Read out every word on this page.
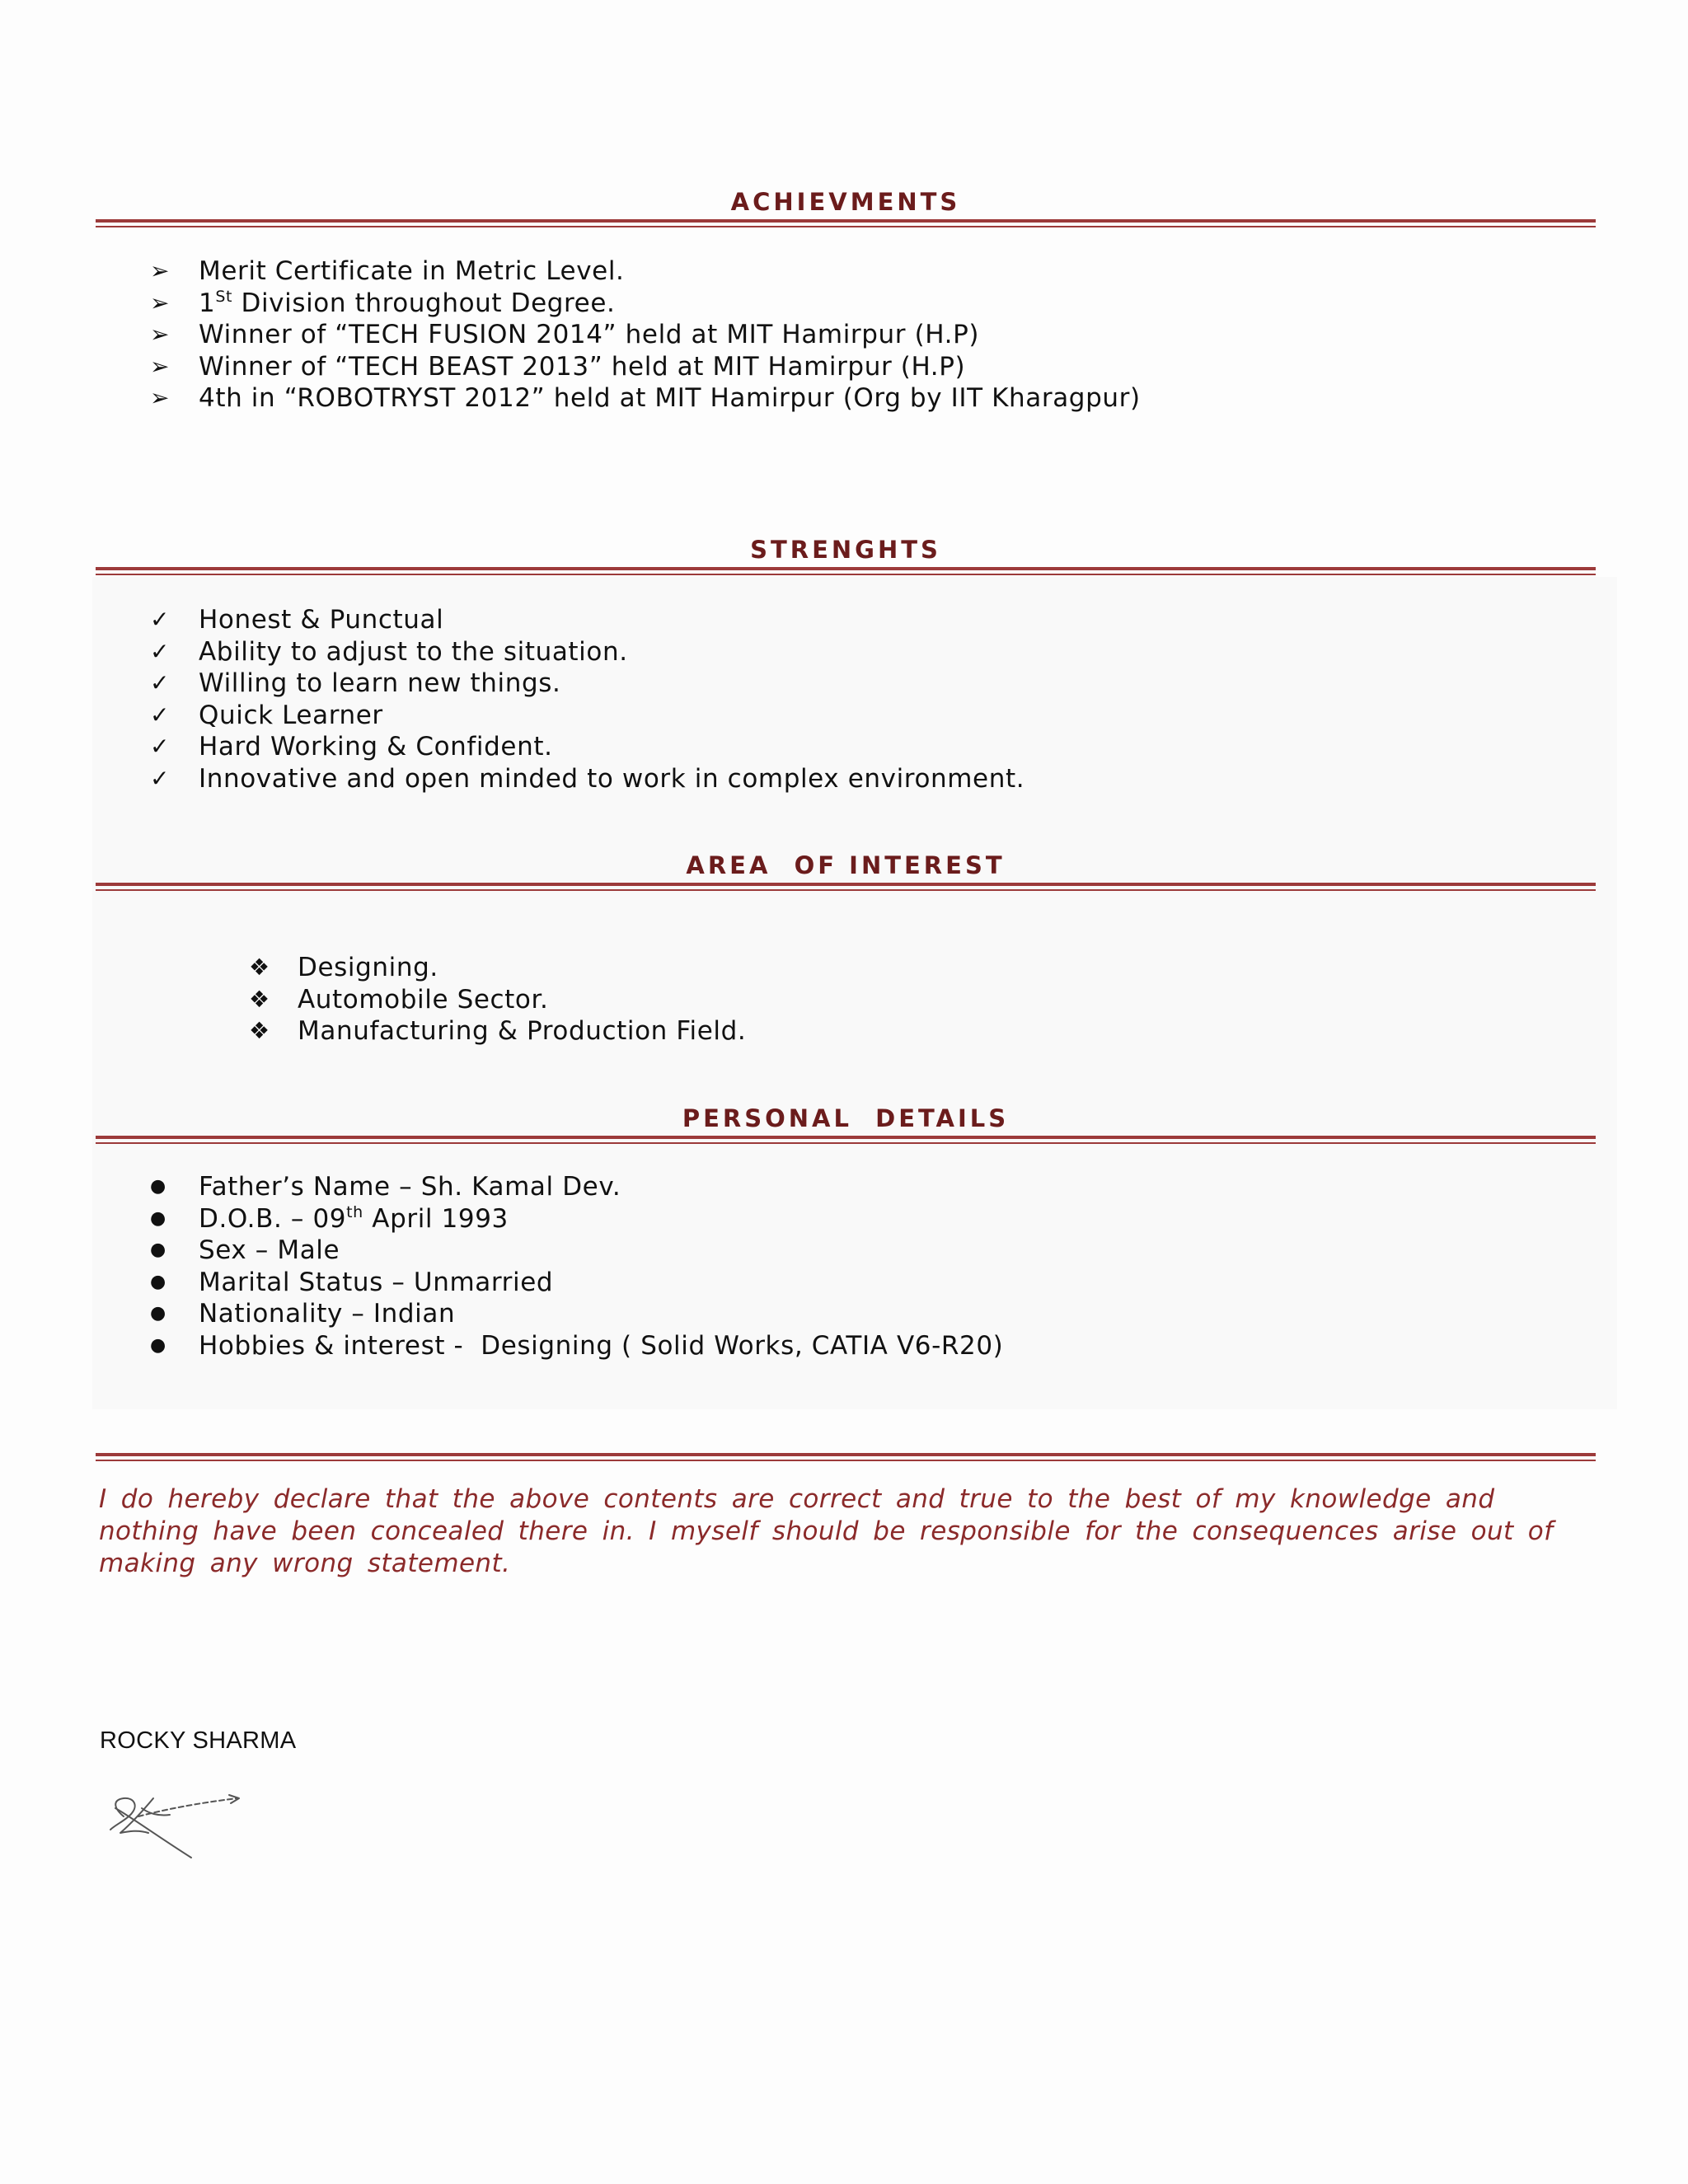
ACHIEVMENTS
➢ Merit Certificate in Metric Level.
➢ 1St Division throughout Degree.
➢ Winner of “TECH FUSION 2014” held at MIT Hamirpur (H.P)
➢ Winner of “TECH BEAST 2013” held at MIT Hamirpur (H.P)
➢ 4th in “ROBOTRYST 2012” held at MIT Hamirpur (Org by IIT Kharagpur)
STRENGHTS
✓ Honest & Punctual
✓ Ability to adjust to the situation.
✓ Willing to learn new things.
✓ Quick Learner
✓ Hard Working & Confident.
✓ Innovative and open minded to work in complex environment.
AREA  OF INTEREST
❖ Designing.
❖ Automobile Sector.
❖ Manufacturing & Production Field.
PERSONAL  DETAILS
● Father’s Name – Sh. Kamal Dev.
● D.O.B. – 09th April 1993
● Sex – Male
● Marital Status – Unmarried
● Nationality – Indian
● Hobbies & interest -  Designing ( Solid Works, CATIA V6-R20)
I do hereby declare that the above contents are correct and true to the best of my knowledge and nothing have been concealed there in. I myself should be responsible for the consequences arise out of making any wrong statement.
ROCKY SHARMA
